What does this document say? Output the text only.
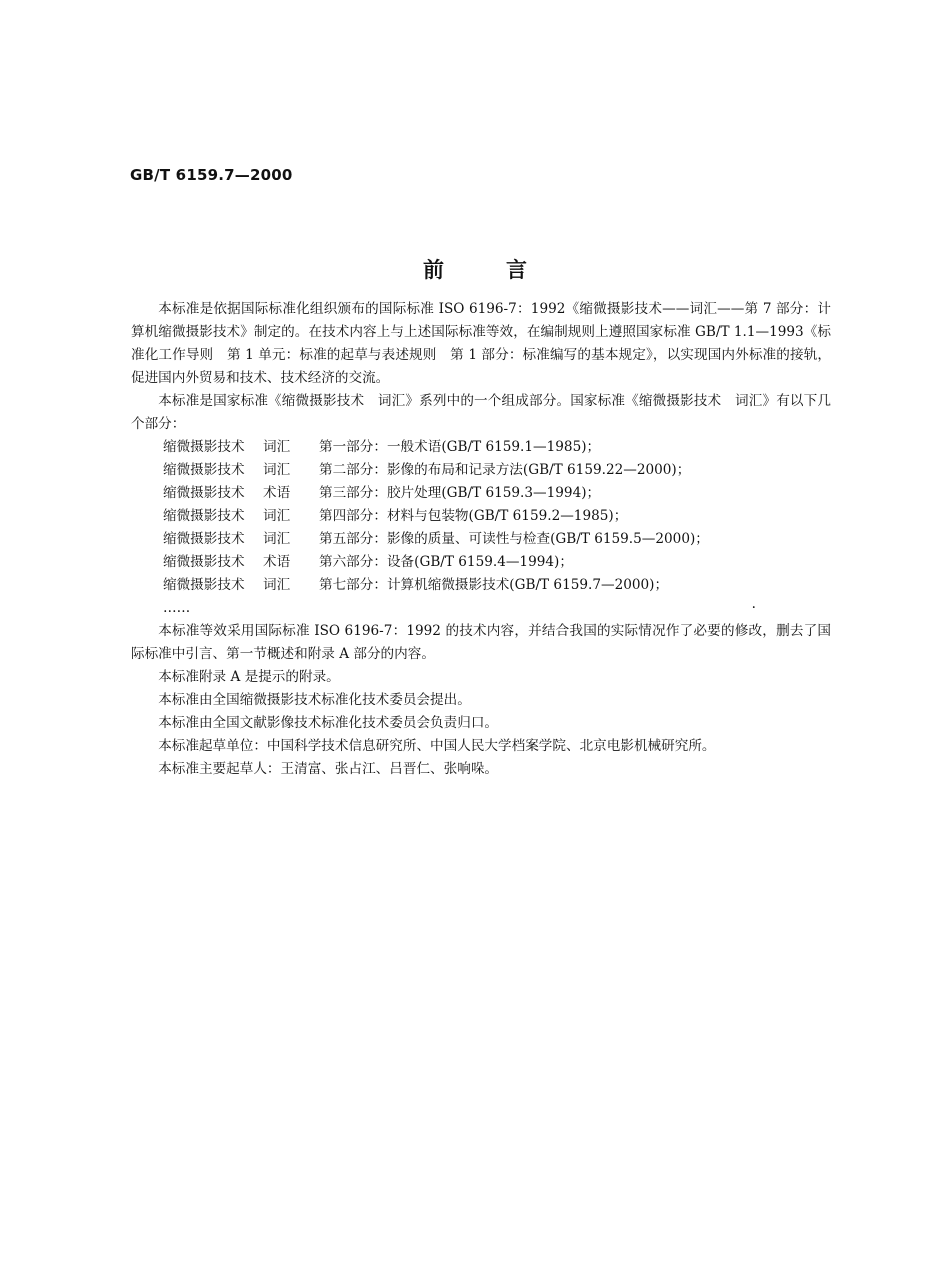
GB/T 6159.7—2000
前言

本标准是依据国际标准化组织颁布的国际标准 ISO 6196-7：1992《缩微摄影技术——词汇——第 7 部分：计算机缩微摄影技术》制定的。在技术内容上与上述国际标准等效，在编制规则上遵照国家标准 GB/T 1.1—1993《标准化工作导则　第 1 单元：标准的起草与表述规则　第 1 部分：标准编写的基本规定》，以实现国内外标准的接轨，促进国内外贸易和技术、技术经济的交流。

本标准是国家标准《缩微摄影技术　词汇》系列中的一个组成部分。国家标准《缩微摄影技术　词汇》有以下几个部分：

缩微摄影技术 词汇 第一部分：一般术语(GB/T 6159.1—1985)；
缩微摄影技术 词汇 第二部分：影像的布局和记录方法(GB/T 6159.22—2000)；
缩微摄影技术 术语 第三部分：胶片处理(GB/T 6159.3—1994)；
缩微摄影技术 词汇 第四部分：材料与包装物(GB/T 6159.2—1985)；
缩微摄影技术 词汇 第五部分：影像的质量、可读性与检查(GB/T 6159.5—2000)；
缩微摄影技术 术语 第六部分：设备(GB/T 6159.4—1994)；
缩微摄影技术 词汇 第七部分：计算机缩微摄影技术(GB/T 6159.7—2000)；
……	·

本标准等效采用国际标准 ISO 6196-7：1992 的技术内容，并结合我国的实际情况作了必要的修改，删去了国际标准中引言、第一节概述和附录 A 部分的内容。

本标准附录 A 是提示的附录。

本标准由全国缩微摄影技术标准化技术委员会提出。

本标准由全国文献影像技术标准化技术委员会负责归口。

本标准起草单位：中国科学技术信息研究所、中国人民大学档案学院、北京电影机械研究所。

本标准主要起草人：王清富、张占江、吕晋仁、张响哚。
